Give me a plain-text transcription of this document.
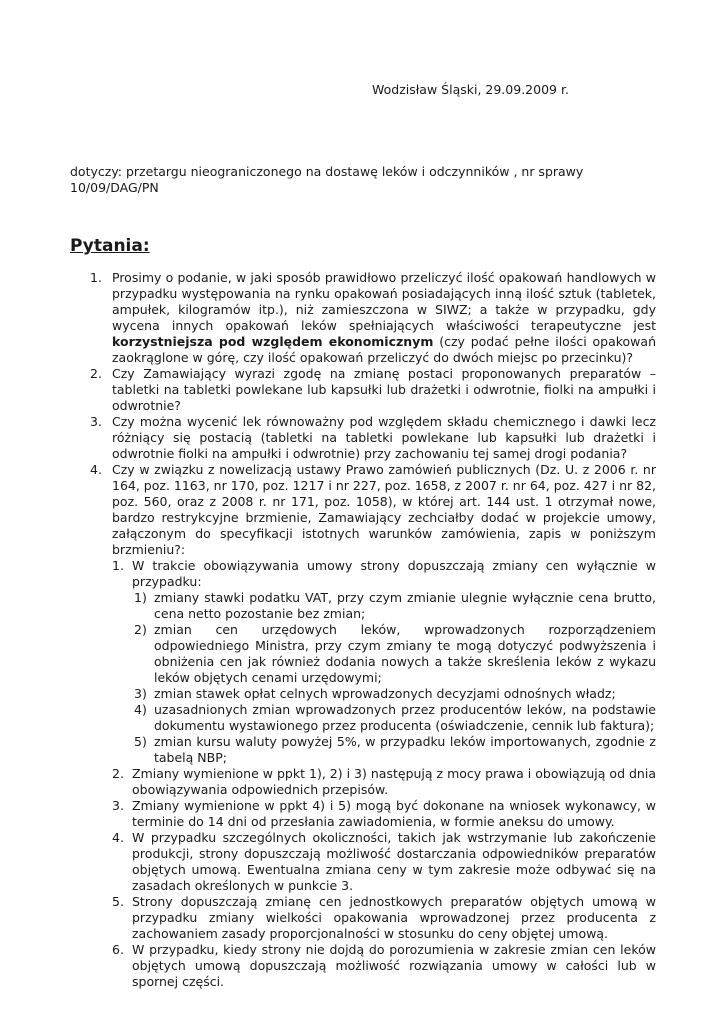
Wodzisław Śląski, 29.09.2009 r.
dotyczy: przetargu nieograniczonego na dostawę leków i odczynników , nr sprawy 10/09/DAG/PN
Pytania:
1. Prosimy o podanie, w jaki sposób prawidłowo przeliczyć ilość opakowań handlowych w przypadku występowania na rynku opakowań posiadających inną ilość sztuk (tabletek, ampułek, kilogramów itp.), niż zamieszczona w SIWZ; a także w przypadku, gdy wycena innych opakowań leków spełniających właściwości terapeutyczne jest korzystniejsza pod względem ekonomicznym (czy podać pełne ilości opakowań zaokrąglone w górę, czy ilość opakowań przeliczyć do dwóch miejsc po przecinku)?
2. Czy Zamawiający wyrazi zgodę na zmianę postaci proponowanych preparatów – tabletki na tabletki powlekane lub kapsułki lub drażetki i odwrotnie, fiolki na ampułki i odwrotnie?
3. Czy można wycenić lek równoważny pod względem składu chemicznego i dawki lecz różniący się postacią (tabletki na tabletki powlekane lub kapsułki lub drażetki i odwrotnie fiolki na ampułki i odwrotnie) przy zachowaniu tej samej drogi podania?
4. Czy w związku z nowelizacją ustawy Prawo zamówień publicznych (Dz. U. z 2006 r. nr 164, poz. 1163, nr 170, poz. 1217 i nr 227, poz. 1658, z 2007 r. nr 64, poz. 427 i nr 82, poz. 560, oraz z 2008 r. nr 171, poz. 1058), w której art. 144 ust. 1 otrzymał nowe, bardzo restrykcyjne brzmienie, Zamawiający zechciałby dodać w projekcie umowy, załączonym do specyfikacji istotnych warunków zamówienia, zapis w poniższym brzmieniu?:
1. W trakcie obowiązywania umowy strony dopuszczają zmiany cen wyłącznie w przypadku:
1) zmiany stawki podatku VAT, przy czym zmianie ulegnie wyłącznie cena brutto, cena netto pozostanie bez zmian;
2) zmian cen urzędowych leków, wprowadzonych rozporządzeniem odpowiedniego Ministra, przy czym zmiany te mogą dotyczyć podwyższenia i obniżenia cen jak również dodania nowych a także skreślenia leków z wykazu leków objętych cenami urzędowymi;
3) zmian stawek opłat celnych wprowadzonych decyzjami odnośnych władz;
4) uzasadnionych zmian wprowadzonych przez producentów leków, na podstawie dokumentu wystawionego przez producenta (oświadczenie, cennik lub faktura);
5) zmian kursu waluty powyżej 5%, w przypadku leków importowanych, zgodnie z tabelą NBP;
2. Zmiany wymienione w ppkt 1), 2) i 3) następują z mocy prawa i obowiązują od dnia obowiązywania odpowiednich przepisów.
3. Zmiany wymienione w ppkt 4) i 5) mogą być dokonane na wniosek wykonawcy, w terminie do 14 dni od przesłania zawiadomienia, w formie aneksu do umowy.
4. W przypadku szczególnych okoliczności, takich jak wstrzymanie lub zakończenie produkcji, strony dopuszczają możliwość dostarczania odpowiedników preparatów objętych umową. Ewentualna zmiana ceny w tym zakresie może odbywać się na zasadach określonych w punkcie 3.
5. Strony dopuszczają zmianę cen jednostkowych preparatów objętych umową w przypadku zmiany wielkości opakowania wprowadzonej przez producenta z zachowaniem zasady proporcjonalności w stosunku do ceny objętej umową.
6. W przypadku, kiedy strony nie dojdą do porozumienia w zakresie zmian cen leków objętych umową dopuszczają możliwość rozwiązania umowy w całości lub w spornej części.
